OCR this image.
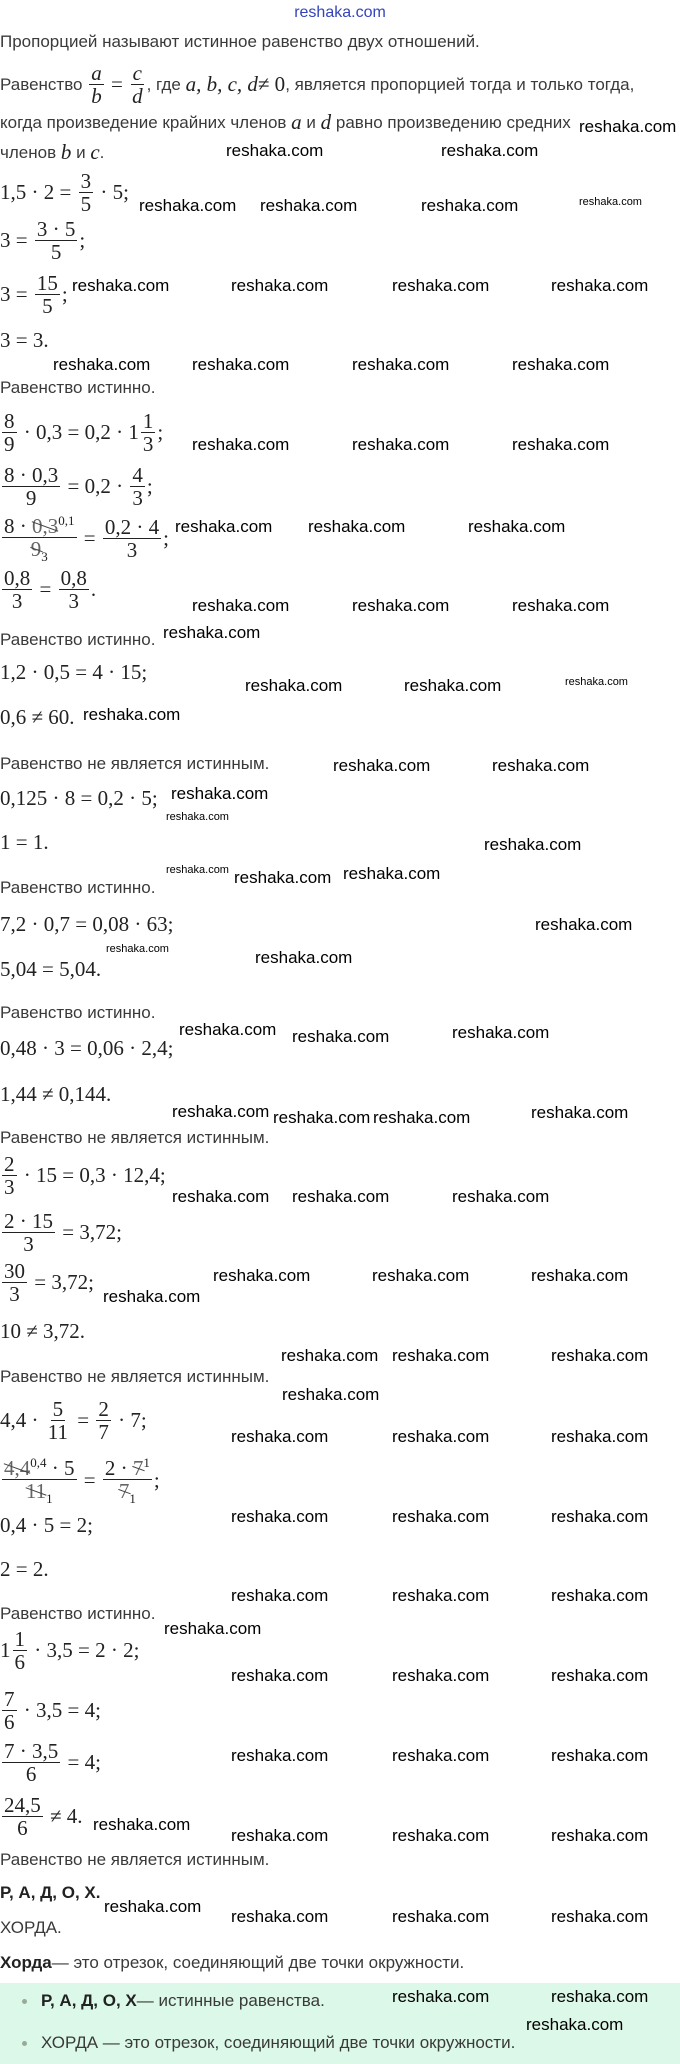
reshaka.com
Пропорцией называют истинное равенство двух отношений.
Равенство
$\frac{a}{b} = \frac{c}{d}$ , где
a, b, c, d ≠ 0 , является пропорцией тогда и только тогда,
когда произведение крайних членов
a
и
d
равно произведению средних
членов
b
и
c .
$1,5 \cdot 2 = \frac{3}{5} \cdot 5$;
$3 = \frac{3 \cdot 5}{5}$ ;
$3 = \frac{15}{5}$ ;
3 = 3.
Равенство истинно.
$\frac{8}{9} \cdot 0,3 = 0,2 \cdot 1 \frac{1}{3}$ ;
$\frac{8 \cdot 0,3}{9} = 0,2 \cdot \frac{4}{3}$ ;
$\frac{8 \cdot 0,3^{0,1}}{9_3} = \frac{0,2 \cdot 4}{3}$ ;
$\frac{0,8}{3} = \frac{0,8}{3}$ .
Равенство истинно.
1,2 · 0,5 = 4 · 15;
0,6 ≠ 60.
Равенство не является истинным.
0,125 · 8 = 0,2 · 5;
1 = 1.
Равенство истинно.
7,2 · 0,7 = 0,08 · 63;
5,04 = 5,04.
Равенство истинно.
0,48 · 3 = 0,06 · 2,4;
1,44 ≠ 0,144.
Равенство не является истинным.
$\frac{2}{3} \cdot 15 = 0,3 \cdot 12,4$;
$\frac{2 \cdot 15}{3} = 3,72$;
$\frac{30}{3} = 3,72$;
10 ≠ 3,72.
Равенство не является истинным.
$4,4 \cdot \frac{5}{11} = \frac{2}{7} \cdot 7$;
$\frac{4,4^{0,4} \cdot 5}{11_1} = \frac{2 \cdot 7^1}{7_1}$ ;
0,4 · 5 = 2;
2 = 2.
Равенство истинно.
$1 \frac{1}{6} \cdot 3,5 = 2 \cdot 2$;
$\frac{7}{6} \cdot 3,5 = 4$;
$\frac{7 \cdot 3,5}{6} = 4$;
$\frac{24,5}{6} \ne 4$.
Равенство не является истинным.
Р, А, Д, О, Х.
ХОРДА.
Хорда — это отрезок, соединяющий две точки окружности.
Р, А, Д, О, Х — истинные равенства.
ХОРДА — это отрезок, соединяющий две точки окружности.
reshaka.com
reshaka.com	reshaka.com
reshaka.com reshaka.com	reshaka.com	reshaka.com
reshaka.com	reshaka.com	reshaka.com	reshaka.com
reshaka.com reshaka.com	reshaka.com	reshaka.com
reshaka.com	reshaka.com	reshaka.com
reshaka.com reshaka.com	reshaka.com
reshaka.com	reshaka.com	reshaka.com
reshaka.com
reshaka.com	reshaka.com	reshaka.com
reshaka.com
reshaka.com	reshaka.com
reshaka.com
reshaka.com
reshaka.com
reshaka.com reshaka.com reshaka.com
reshaka.com
reshaka.com	reshaka.com
reshaka.com reshaka.com	reshaka.com
reshaka.com
reshaka.com reshaka.com
reshaka.com
reshaka.com reshaka.com	reshaka.com
reshaka.com	reshaka.com	reshaka.com
reshaka.com
reshaka.com reshaka.com	reshaka.com
reshaka.com
reshaka.com	reshaka.com	reshaka.com
reshaka.com	reshaka.com	reshaka.com
reshaka.com	reshaka.com	reshaka.com
reshaka.com
reshaka.com	reshaka.com	reshaka.com
reshaka.com	reshaka.com	reshaka.com
reshaka.com
reshaka.com	reshaka.com	reshaka.com
reshaka.com
reshaka.com	reshaka.com	reshaka.com
reshaka.com	reshaka.com
reshaka.com
